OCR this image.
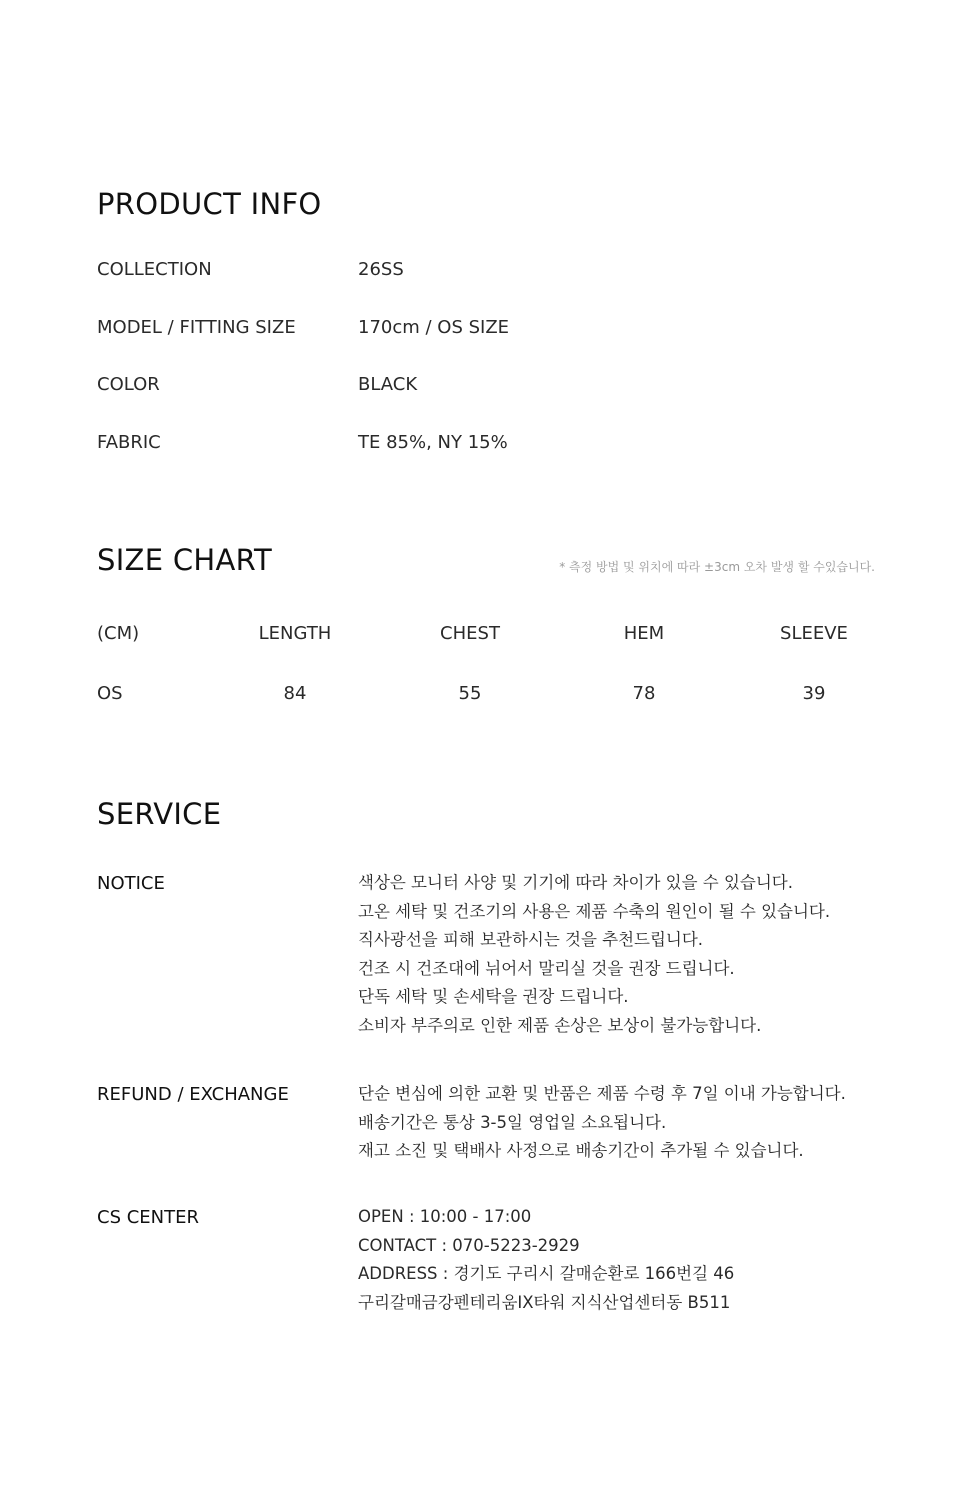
PRODUCT INFO
COLLECTION	26SS
MODEL / FITTING SIZE	170cm / OS SIZE
COLOR	BLACK
FABRIC	TE 85%, NY 15%
SIZE CHART	* 측정 방법 및 위치에 따라 ±3cm 오차 발생 할 수있습니다.
(CM)	LENGTH	CHEST	HEM	SLEEVE
OS	84	55	78	39
SERVICE
NOTICE	색상은 모니터 사양 및 기기에 따라 차이가 있을 수 있습니다.
고온 세탁 및 건조기의 사용은 제품 수축의 원인이 될 수 있습니다.
직사광선을 피해 보관하시는 것을 추천드립니다.
건조 시 건조대에 뉘어서 말리실 것을 권장 드립니다.
단독 세탁 및 손세탁을 권장 드립니다.
소비자 부주의로 인한 제품 손상은 보상이 불가능합니다.
REFUND / EXCHANGE	단순 변심에 의한 교환 및 반품은 제품 수령 후 7일 이내 가능합니다.
배송기간은 통상 3-5일 영업일 소요됩니다.
재고 소진 및 택배사 사정으로 배송기간이 추가될 수 있습니다.
CS CENTER	OPEN : 10:00 - 17:00
CONTACT : 070-5223-2929
ADDRESS : 경기도 구리시 갈매순환로 166번길 46
구리갈매금강펜테리움IX타워 지식산업센터동 B511
